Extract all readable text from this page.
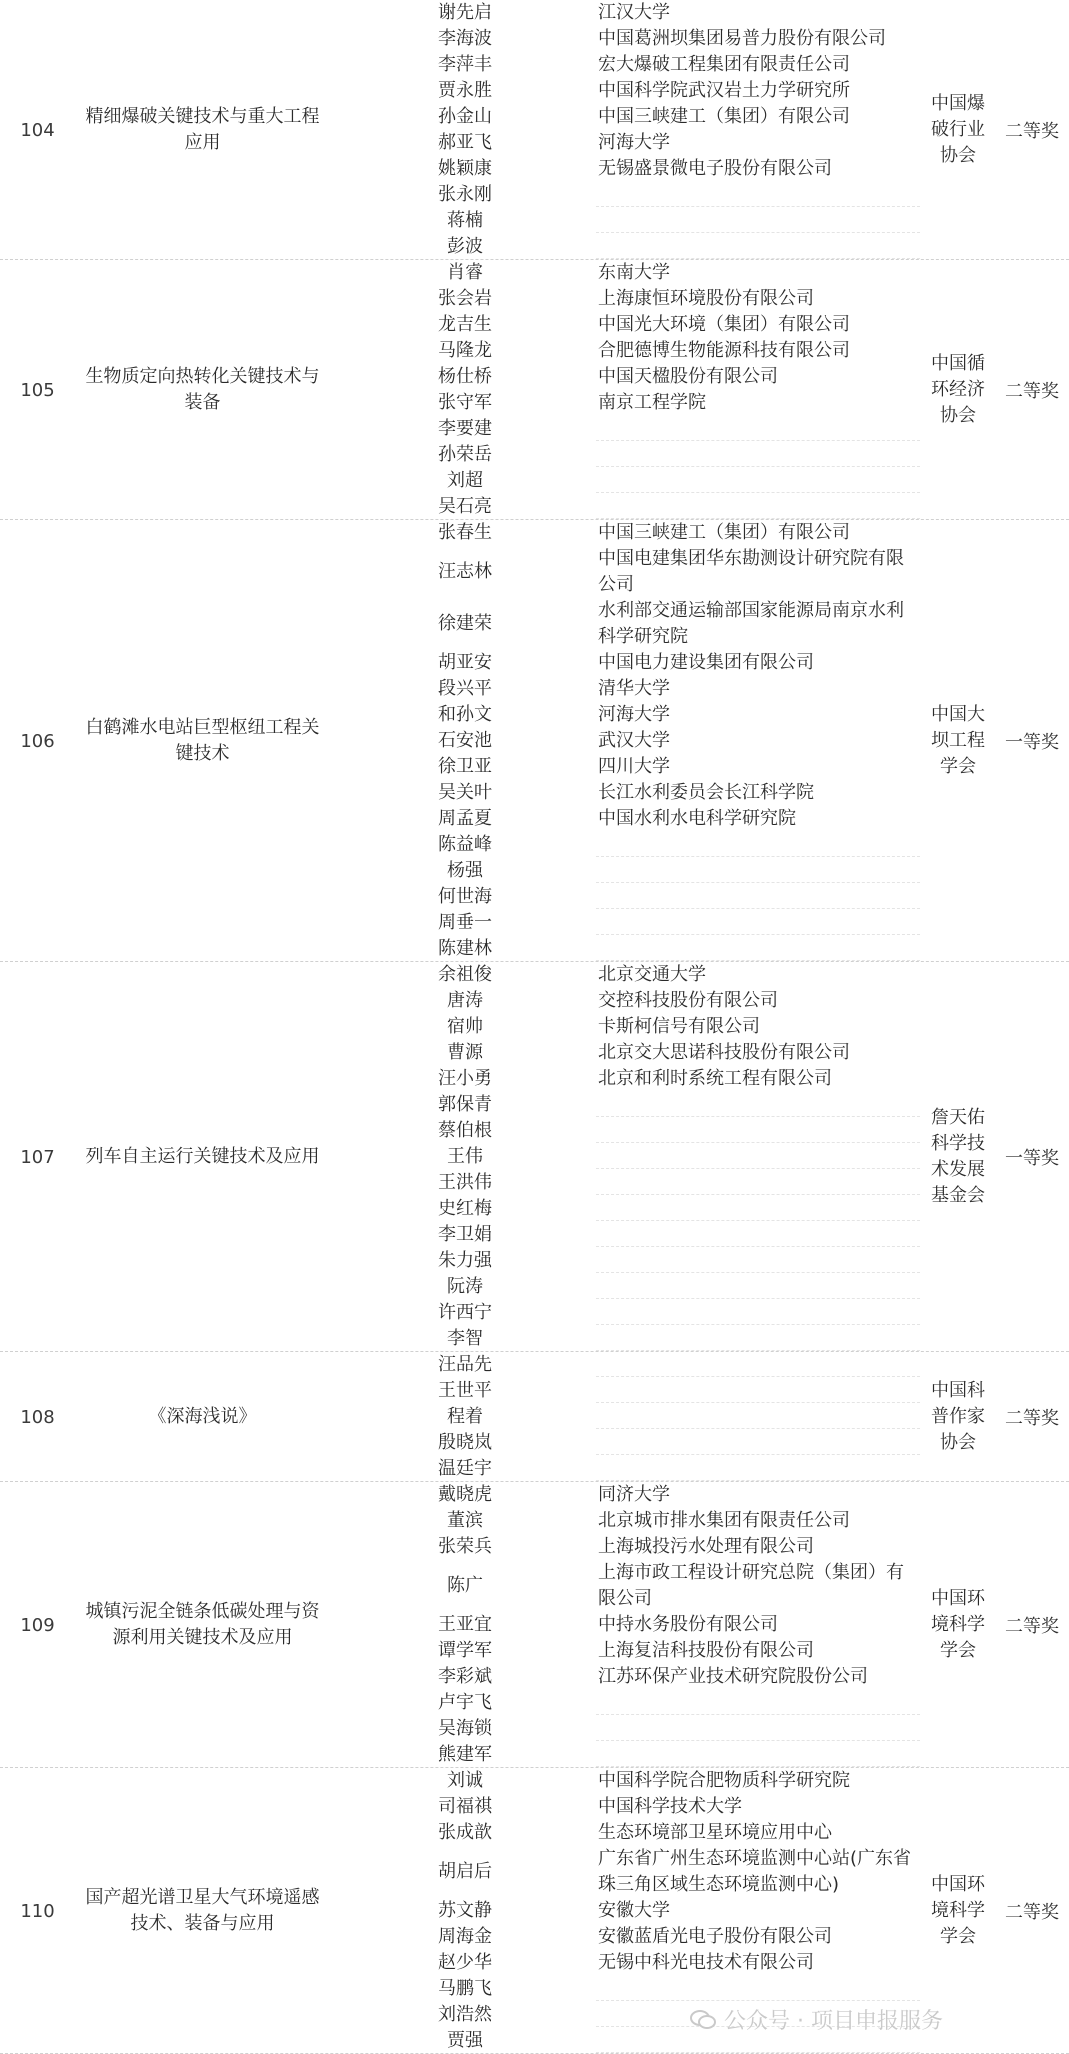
104
精细爆破关键技术与重大工程应用
中国爆破行业协会
二等奖
谢先启
李海波
李萍丰
贾永胜
孙金山
郝亚飞
姚颖康
张永刚
蒋楠
彭波
江汉大学
中国葛洲坝集团易普力股份有限公司
宏大爆破工程集团有限责任公司
中国科学院武汉岩土力学研究所
中国三峡建工（集团）有限公司
河海大学
无锡盛景微电子股份有限公司
105
生物质定向热转化关键技术与装备
中国循环经济协会
二等奖
肖睿
张会岩
龙吉生
马隆龙
杨仕桥
张守军
李要建
孙荣岳
刘超
吴石亮
东南大学
上海康恒环境股份有限公司
中国光大环境（集团）有限公司
合肥德博生物能源科技有限公司
中国天楹股份有限公司
南京工程学院
106
白鹤滩水电站巨型枢纽工程关键技术
中国大坝工程学会
一等奖
张春生
汪志林
徐建荣
胡亚安
段兴平
和孙文
石安池
徐卫亚
吴关叶
周孟夏
陈益峰
杨强
何世海
周垂一
陈建林
中国三峡建工（集团）有限公司
中国电建集团华东勘测设计研究院有限公司
水利部交通运输部国家能源局南京水利科学研究院
中国电力建设集团有限公司
清华大学
河海大学
武汉大学
四川大学
长江水利委员会长江科学院
中国水利水电科学研究院
107	列车自主运行关键技术及应用
詹天佑科学技术发展基金会
一等奖
余祖俊
唐涛
宿帅
曹源
汪小勇
郭保青
蔡伯根
王伟
王洪伟
史红梅
李卫娟
朱力强
阮涛
许西宁
李智
北京交通大学
交控科技股份有限公司
卡斯柯信号有限公司
北京交大思诺科技股份有限公司
北京和利时系统工程有限公司
108	《深海浅说》
中国科普作家协会
二等奖
汪品先
王世平
程着
殷晓岚
温廷宇
109
城镇污泥全链条低碳处理与资源利用关键技术及应用
中国环境科学学会
二等奖
戴晓虎
董滨
张荣兵
陈广
王亚宜
谭学军
李彩斌
卢宇飞
吴海锁
熊建军
同济大学
北京城市排水集团有限责任公司
上海城投污水处理有限公司
上海市政工程设计研究总院（集团）有限公司
中持水务股份有限公司
上海复洁科技股份有限公司
江苏环保产业技术研究院股份公司
110
国产超光谱卫星大气环境遥感技术、装备与应用
中国环境科学学会
二等奖
刘诚
司福祺
张成歆
胡启后
苏文静
周海金
赵少华
马鹏飞
刘浩然
贾强
中国科学院合肥物质科学研究院
中国科学技术大学
生态环境部卫星环境应用中心
广东省广州生态环境监测中心站(广东省珠三角区域生态环境监测中心)
安徽大学
安徽蓝盾光电子股份有限公司
无锡中科光电技术有限公司
公众号 · 项目申报服务
